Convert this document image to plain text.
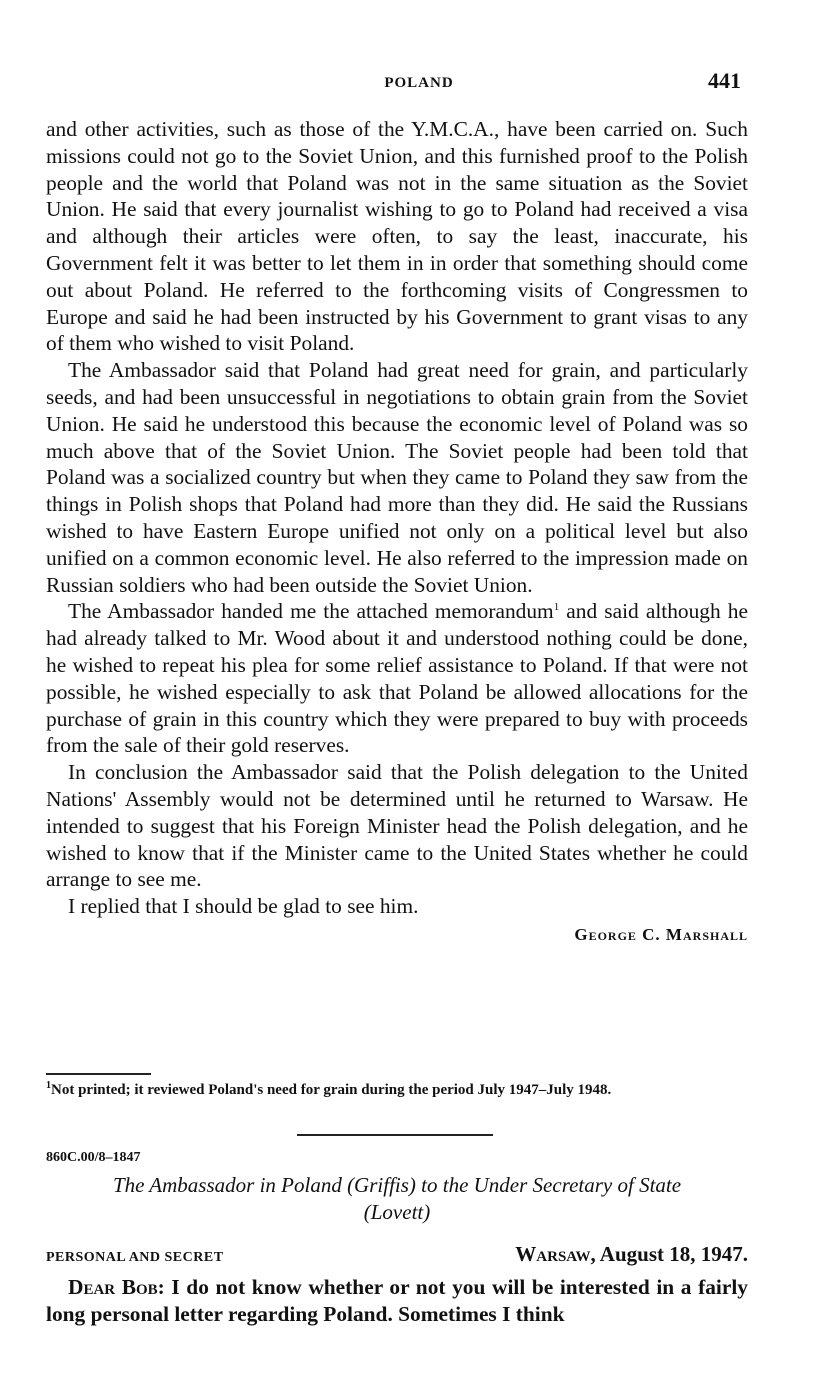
POLAND	441

and other activities, such as those of the Y.M.C.A., have been carried on. Such missions could not go to the Soviet Union, and this furnished proof to the Polish people and the world that Poland was not in the same situation as the Soviet Union. He said that every journalist wishing to go to Poland had received a visa and although their articles were often, to say the least, inaccurate, his Government felt it was better to let them in in order that something should come out about Poland. He referred to the forthcoming visits of Congressmen to Europe and said he had been instructed by his Government to grant visas to any of them who wished to visit Poland.

The Ambassador said that Poland had great need for grain, and particularly seeds, and had been unsuccessful in negotiations to obtain grain from the Soviet Union. He said he understood this because the economic level of Poland was so much above that of the Soviet Union. The Soviet people had been told that Poland was a socialized country but when they came to Poland they saw from the things in Polish shops that Poland had more than they did. He said the Russians wished to have Eastern Europe unified not only on a political level but also unified on a common economic level. He also referred to the impression made on Russian soldiers who had been outside the Soviet Union.

The Ambassador handed me the attached memorandum$^1$ and said although he had already talked to Mr. Wood about it and understood nothing could be done, he wished to repeat his plea for some relief assistance to Poland. If that were not possible, he wished especially to ask that Poland be allowed allocations for the purchase of grain in this country which they were prepared to buy with proceeds from the sale of their gold reserves.

In conclusion the Ambassador said that the Polish delegation to the United Nations' Assembly would not be determined until he returned to Warsaw. He intended to suggest that his Foreign Minister head the Polish delegation, and he wished to know that if the Minister came to the United States whether he could arrange to see me.

I replied that I should be glad to see him.

George C. Marshall
$^1$Not printed; it reviewed Poland's need for grain during the period July 1947–July 1948.
860C.00/8–1847
The Ambassador in Poland (Griffis) to the Under Secretary of State
(Lovett)
PERSONAL AND SECRET	Warsaw, August 18, 1947.
Dear Bob: I do not know whether or not you will be interested in a fairly long personal letter regarding Poland. Sometimes I think
